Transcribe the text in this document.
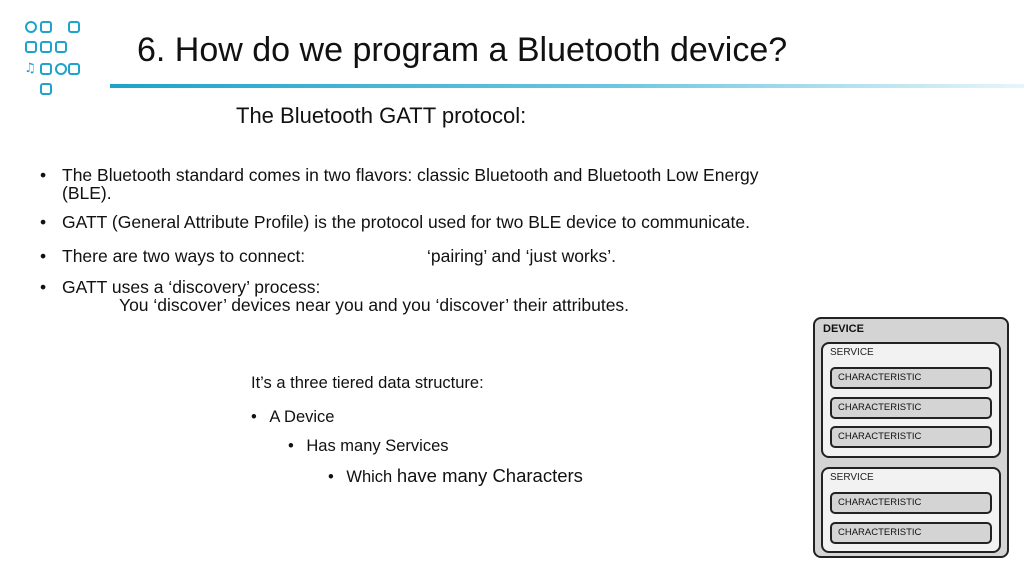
♫	6. How do we program a Bluetooth device?
The Bluetooth GATT protocol:
• The Bluetooth standard comes in two flavors: classic Bluetooth and Bluetooth Low Energy
(BLE).
• GATT (General Attribute Profile) is the protocol used for two BLE device to communicate.
• There are two ways to connect:	‘pairing’ and ‘just works’.
• GATT uses a ‘discovery’ process:
You ‘discover’ devices near you and you ‘discover’ their attributes.
It’s a three tiered data structure:
• A Device
• Has many Services
• Which have many Characters
DEVICE
SERVICE
CHARACTERISTIC
CHARACTERISTIC
CHARACTERISTIC
SERVICE
CHARACTERISTIC
CHARACTERISTIC
